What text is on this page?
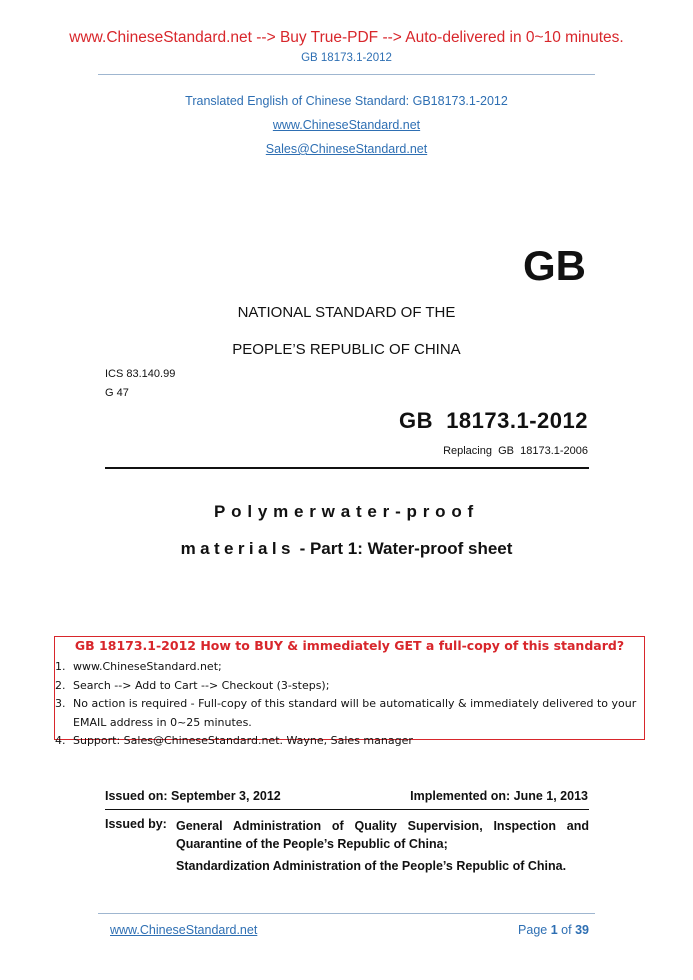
www.ChineseStandard.net --> Buy True-PDF --> Auto-delivered in 0~10 minutes.
GB 18173.1-2012
Translated English of Chinese Standard: GB18173.1-2012
www.ChineseStandard.net
Sales@ChineseStandard.net
GB
NATIONAL STANDARD OF THE
PEOPLE’S REPUBLIC OF CHINA
ICS 83.140.99
G 47
GB  18173.1-2012
Replacing  GB  18173.1-2006
Polymerwater-proof
materials - Part 1: Water-proof sheet
GB 18173.1-2012 How to BUY & immediately GET a full-copy of this standard?
1. www.ChineseStandard.net;
2. Search --> Add to Cart --> Checkout (3-steps);
3. No action is required - Full-copy of this standard will be automatically & immediately delivered to your EMAIL address in 0~25 minutes.
4. Support: Sales@ChineseStandard.net. Wayne, Sales manager
Issued on: September 3, 2012	Implemented on: June 1, 2013
Issued by: General Administration of Quality Supervision, Inspection and Quarantine of the People’s Republic of China;

Standardization Administration of the People’s Republic of China.

www.ChineseStandard.net	Page 1 of 39
